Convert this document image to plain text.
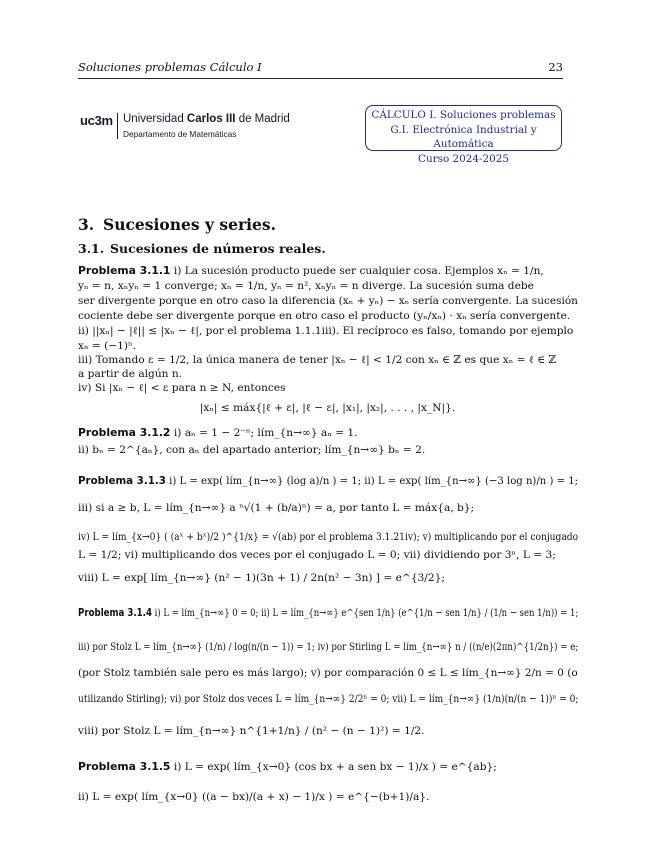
Soluciones problemas Cálculo I	23
uc3m Universidad Carlos III de Madrid
Departamento de Matemáticas
CÁLCULO I. Soluciones problemas
G.I. Electrónica Industrial y Automática
Curso 2024-2025
3. Sucesiones y series.
3.1. Sucesiones de números reales.
Problema 3.1.1 i) La sucesión producto puede ser cualquier cosa. Ejemplos xₙ = 1/n,
yₙ = n, xₙyₙ = 1 converge; xₙ = 1/n, yₙ = n², xₙyₙ = n diverge. La sucesión suma debe
ser divergente porque en otro caso la diferencia (xₙ + yₙ) − xₙ sería convergente. La sucesión
cociente debe ser divergente porque en otro caso el producto (yₙ/xₙ) · xₙ sería convergente.
ii) ||xₙ| − |ℓ|| ≤ |xₙ − ℓ|, por el problema 1.1.1iii). El recíproco es falso, tomando por ejemplo
xₙ = (−1)ⁿ.
iii) Tomando ε = 1/2, la única manera de tener |xₙ − ℓ| < 1/2 con xₙ ∈ ℤ es que xₙ = ℓ ∈ ℤ
a partir de algún n.
iv) Si |xₙ − ℓ| < ε para n ≥ N, entonces
|xₙ| ≤ máx{|ℓ + ε|, |ℓ − ε|, |x₁|, |x₂|, . . . , |x_N|}.
Problema 3.1.2 i) aₙ = 1 − 2⁻ⁿ; lím_{n→∞} aₙ = 1.
ii) bₙ = 2^{aₙ}, con aₙ del apartado anterior; lím_{n→∞} bₙ = 2.
Problema 3.1.3 i) L = exp( lím_{n→∞} (log a)/n ) = 1; ii) L = exp( lím_{n→∞} (−3 log n)/n ) = 1;
iii) si a ≥ b, L = lím_{n→∞} a ⁿ√(1 + (b/a)ⁿ) = a, por tanto L = máx{a, b};
iv) L = lím_{x→0} ( (aˣ + bˣ)/2 )^{1/x} = √(ab) por el problema 3.1.21iv); v) multiplicando por el conjugado
L = 1/2; vi) multiplicando dos veces por el conjugado L = 0; vii) dividiendo por 3ⁿ, L = 3;
viii) L = exp[ lím_{n→∞} (n² − 1)(3n + 1) / 2n(n² − 3n) ] = e^{3/2};
Problema 3.1.4 i) L = lím_{n→∞} 0 = 0; ii) L = lím_{n→∞} e^{sen 1/n} (e^{1/n − sen 1/n} / (1/n − sen 1/n)) = 1;
iii) por Stolz L = lím_{n→∞} (1/n) / log(n/(n − 1)) = 1; iv) por Stirling L = lím_{n→∞} n / ((n/e)(2πn)^{1/2n}) = e;
(por Stolz también sale pero es más largo); v) por comparación 0 ≤ L ≤ lím_{n→∞} 2/n = 0 (o
utilizando Stirling); vi) por Stolz dos veces L = lím_{n→∞} 2/2ⁿ = 0; vii) L = lím_{n→∞} (1/n)(n/(n − 1))ⁿ = 0;
viii) por Stolz L = lím_{n→∞} n^{1+1/n} / (n² − (n − 1)²) = 1/2.
Problema 3.1.5 i) L = exp( lím_{x→0} (cos bx + a sen bx − 1)/x ) = e^{ab};
ii) L = exp( lím_{x→0} ((a − bx)/(a + x) − 1)/x ) = e^{−(b+1)/a}.
